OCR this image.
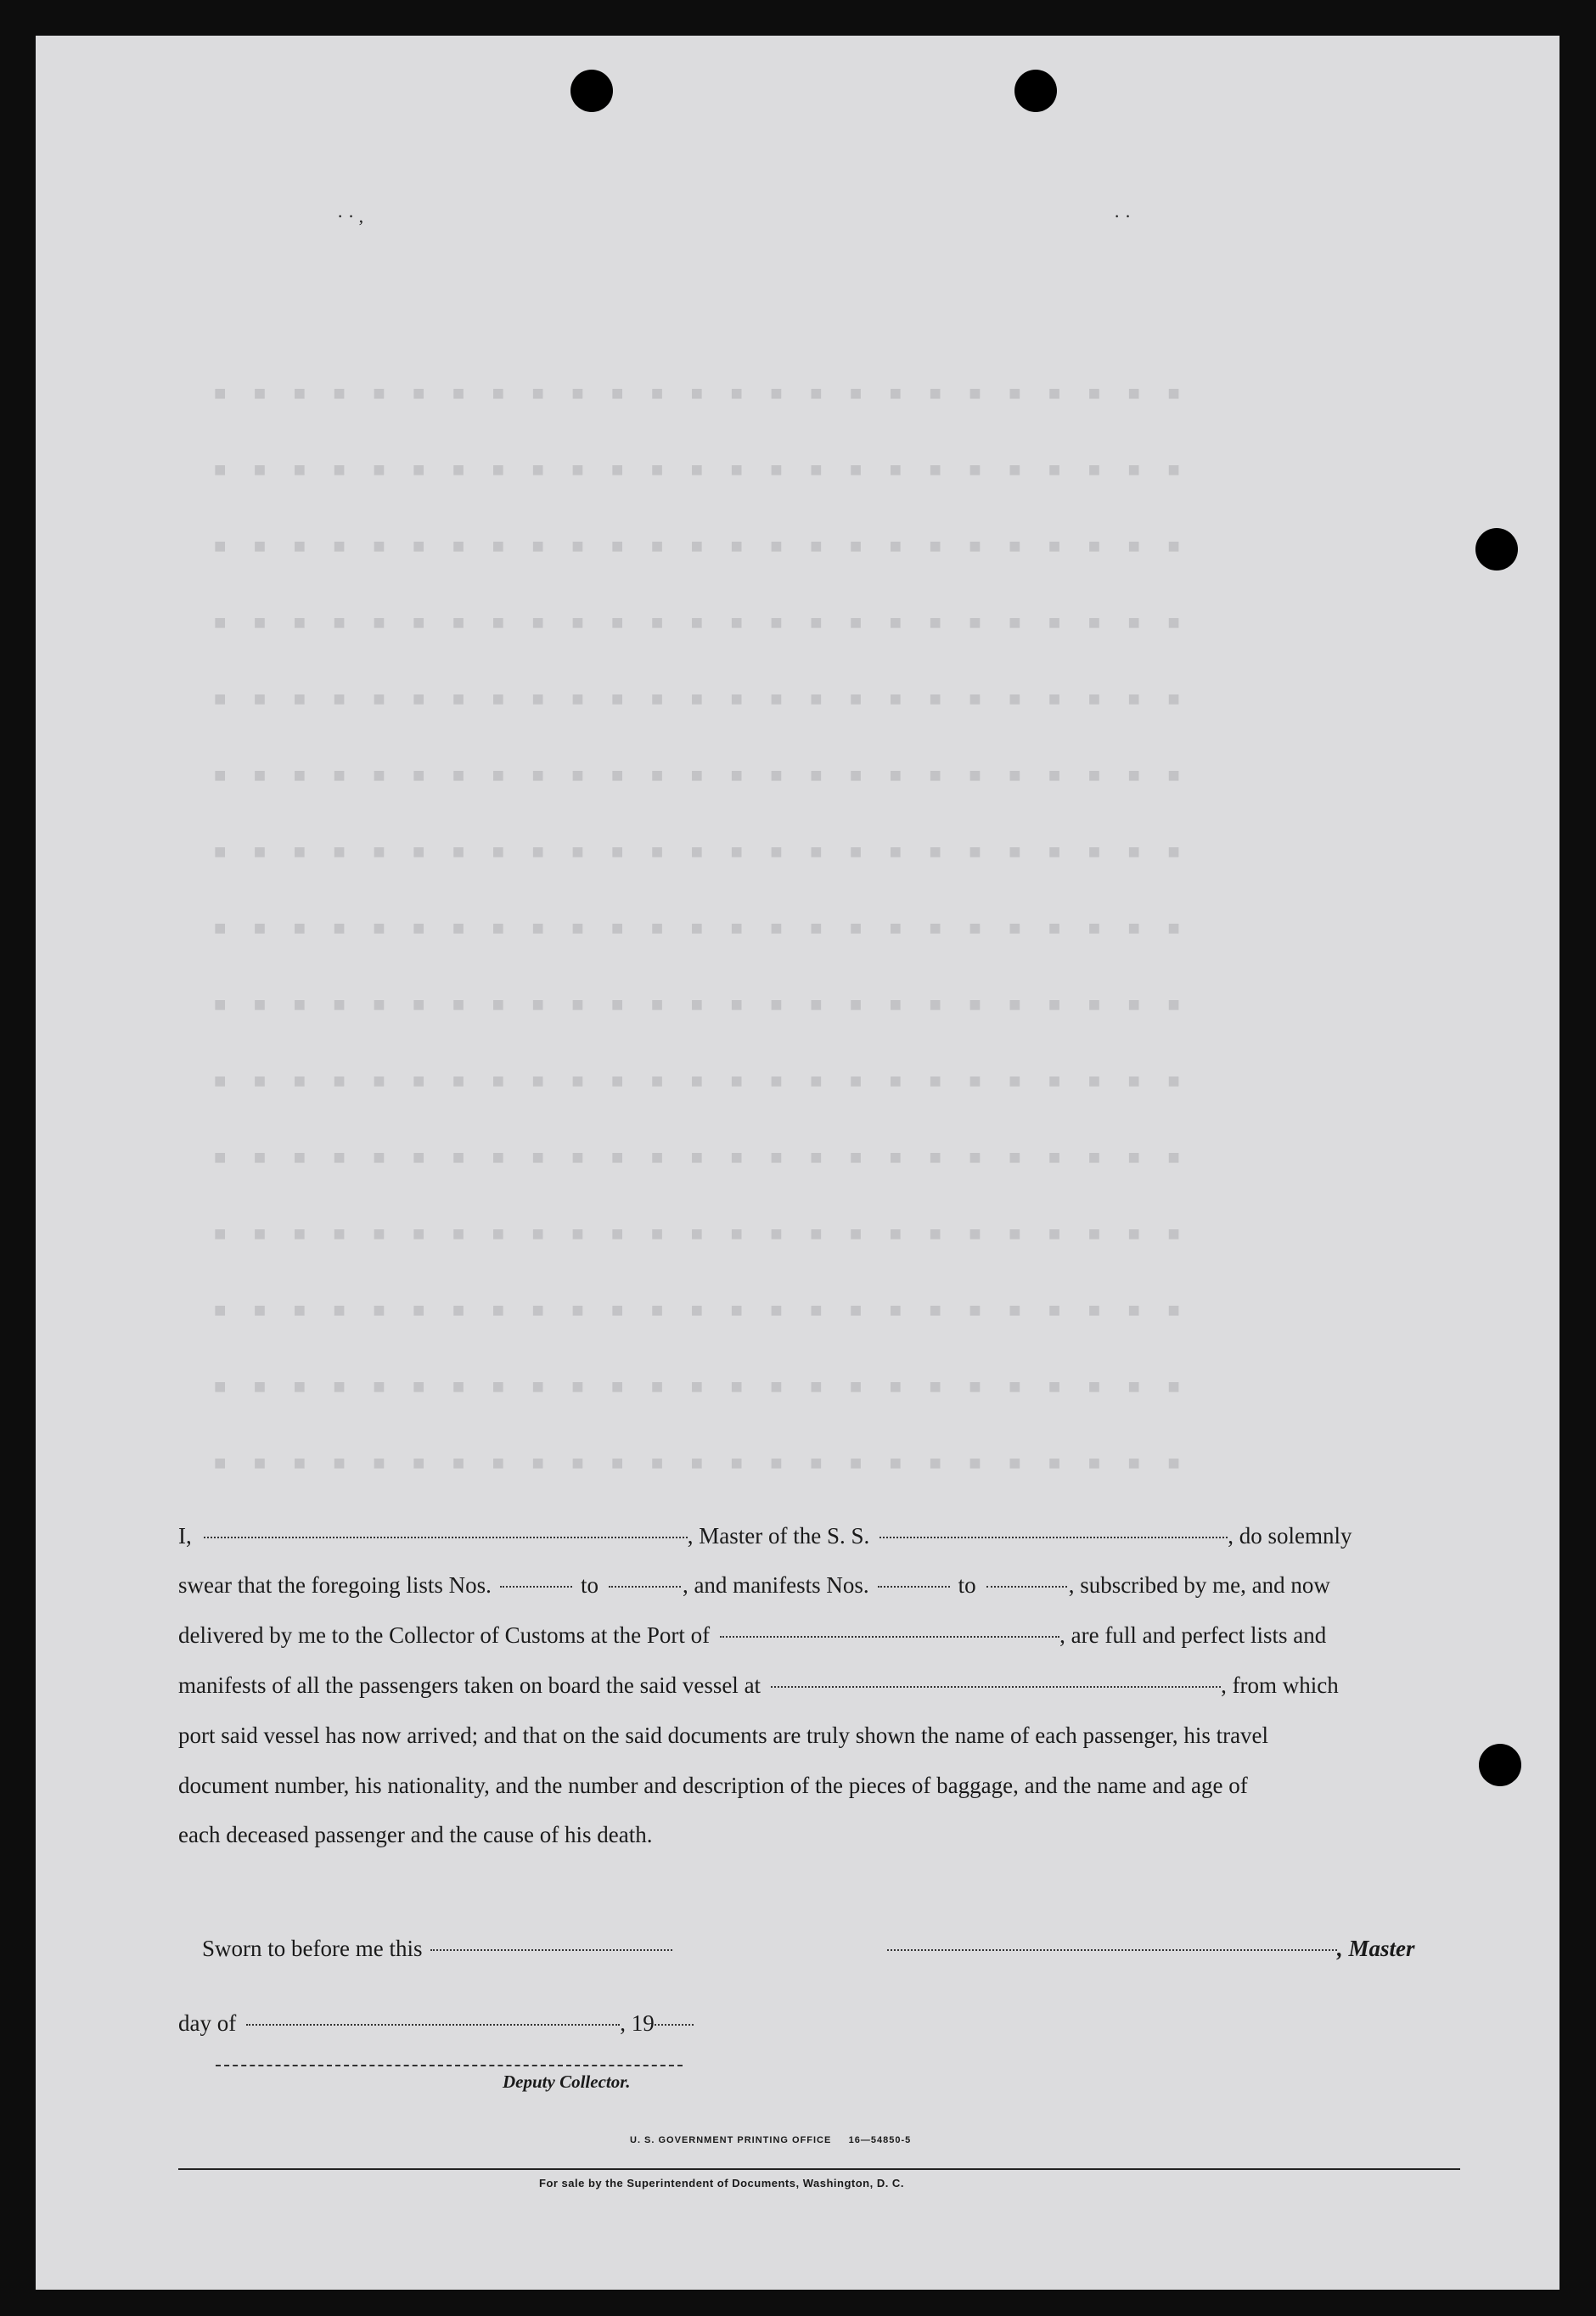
■ ■ ■ ■ ■ ■ ■ ■ ■ ■ ■ ■ ■ ■ ■ ■ ■ ■ ■ ■ ■ ■ ■ ■ ■
■ ■ ■ ■ ■ ■ ■ ■ ■ ■ ■ ■ ■ ■ ■ ■ ■ ■ ■ ■ ■ ■ ■ ■ ■
■ ■ ■ ■ ■ ■ ■ ■ ■ ■ ■ ■ ■ ■ ■ ■ ■ ■ ■ ■ ■ ■ ■ ■ ■
■ ■ ■ ■ ■ ■ ■ ■ ■ ■ ■ ■ ■ ■ ■ ■ ■ ■ ■ ■ ■ ■ ■ ■ ■
■ ■ ■ ■ ■ ■ ■ ■ ■ ■ ■ ■ ■ ■ ■ ■ ■ ■ ■ ■ ■ ■ ■ ■ ■
■ ■ ■ ■ ■ ■ ■ ■ ■ ■ ■ ■ ■ ■ ■ ■ ■ ■ ■ ■ ■ ■ ■ ■ ■
■ ■ ■ ■ ■ ■ ■ ■ ■ ■ ■ ■ ■ ■ ■ ■ ■ ■ ■ ■ ■ ■ ■ ■ ■
■ ■ ■ ■ ■ ■ ■ ■ ■ ■ ■ ■ ■ ■ ■ ■ ■ ■ ■ ■ ■ ■ ■ ■ ■
■ ■ ■ ■ ■ ■ ■ ■ ■ ■ ■ ■ ■ ■ ■ ■ ■ ■ ■ ■ ■ ■ ■ ■ ■
■ ■ ■ ■ ■ ■ ■ ■ ■ ■ ■ ■ ■ ■ ■ ■ ■ ■ ■ ■ ■ ■ ■ ■ ■
■ ■ ■ ■ ■ ■ ■ ■ ■ ■ ■ ■ ■ ■ ■ ■ ■ ■ ■ ■ ■ ■ ■ ■ ■
■ ■ ■ ■ ■ ■ ■ ■ ■ ■ ■ ■ ■ ■ ■ ■ ■ ■ ■ ■ ■ ■ ■ ■ ■
■ ■ ■ ■ ■ ■ ■ ■ ■ ■ ■ ■ ■ ■ ■ ■ ■ ■ ■ ■ ■ ■ ■ ■ ■
■ ■ ■ ■ ■ ■ ■ ■ ■ ■ ■ ■ ■ ■ ■ ■ ■ ■ ■ ■ ■ ■ ■ ■ ■
■ ■ ■ ■ ■ ■ ■ ■ ■ ■ ■ ■ ■ ■ ■ ■ ■ ■ ■ ■ ■ ■ ■ ■ ■
· · ,	· ·
I,	, Master of the S. S.	, do solemnly
swear that the foregoing lists Nos.	to	, and manifests Nos.	to	, subscribed by me, and now
delivered by me to the Collector of Customs at the Port of	, are full and perfect lists and
manifests of all the passengers taken on board the said vessel at	, from which
port said vessel has now arrived; and that on the said documents are truly shown the name of each passenger, his travel
document number, his nationality, and the number and description of the pieces of baggage, and the name and age of
each deceased passenger and the cause of his death.
Sworn to before me this	, Master
day of	, 19
Deputy Collector.
U. S. GOVERNMENT PRINTING OFFICE     16—54850-5
For sale by the Superintendent of Documents, Washington, D. C.
